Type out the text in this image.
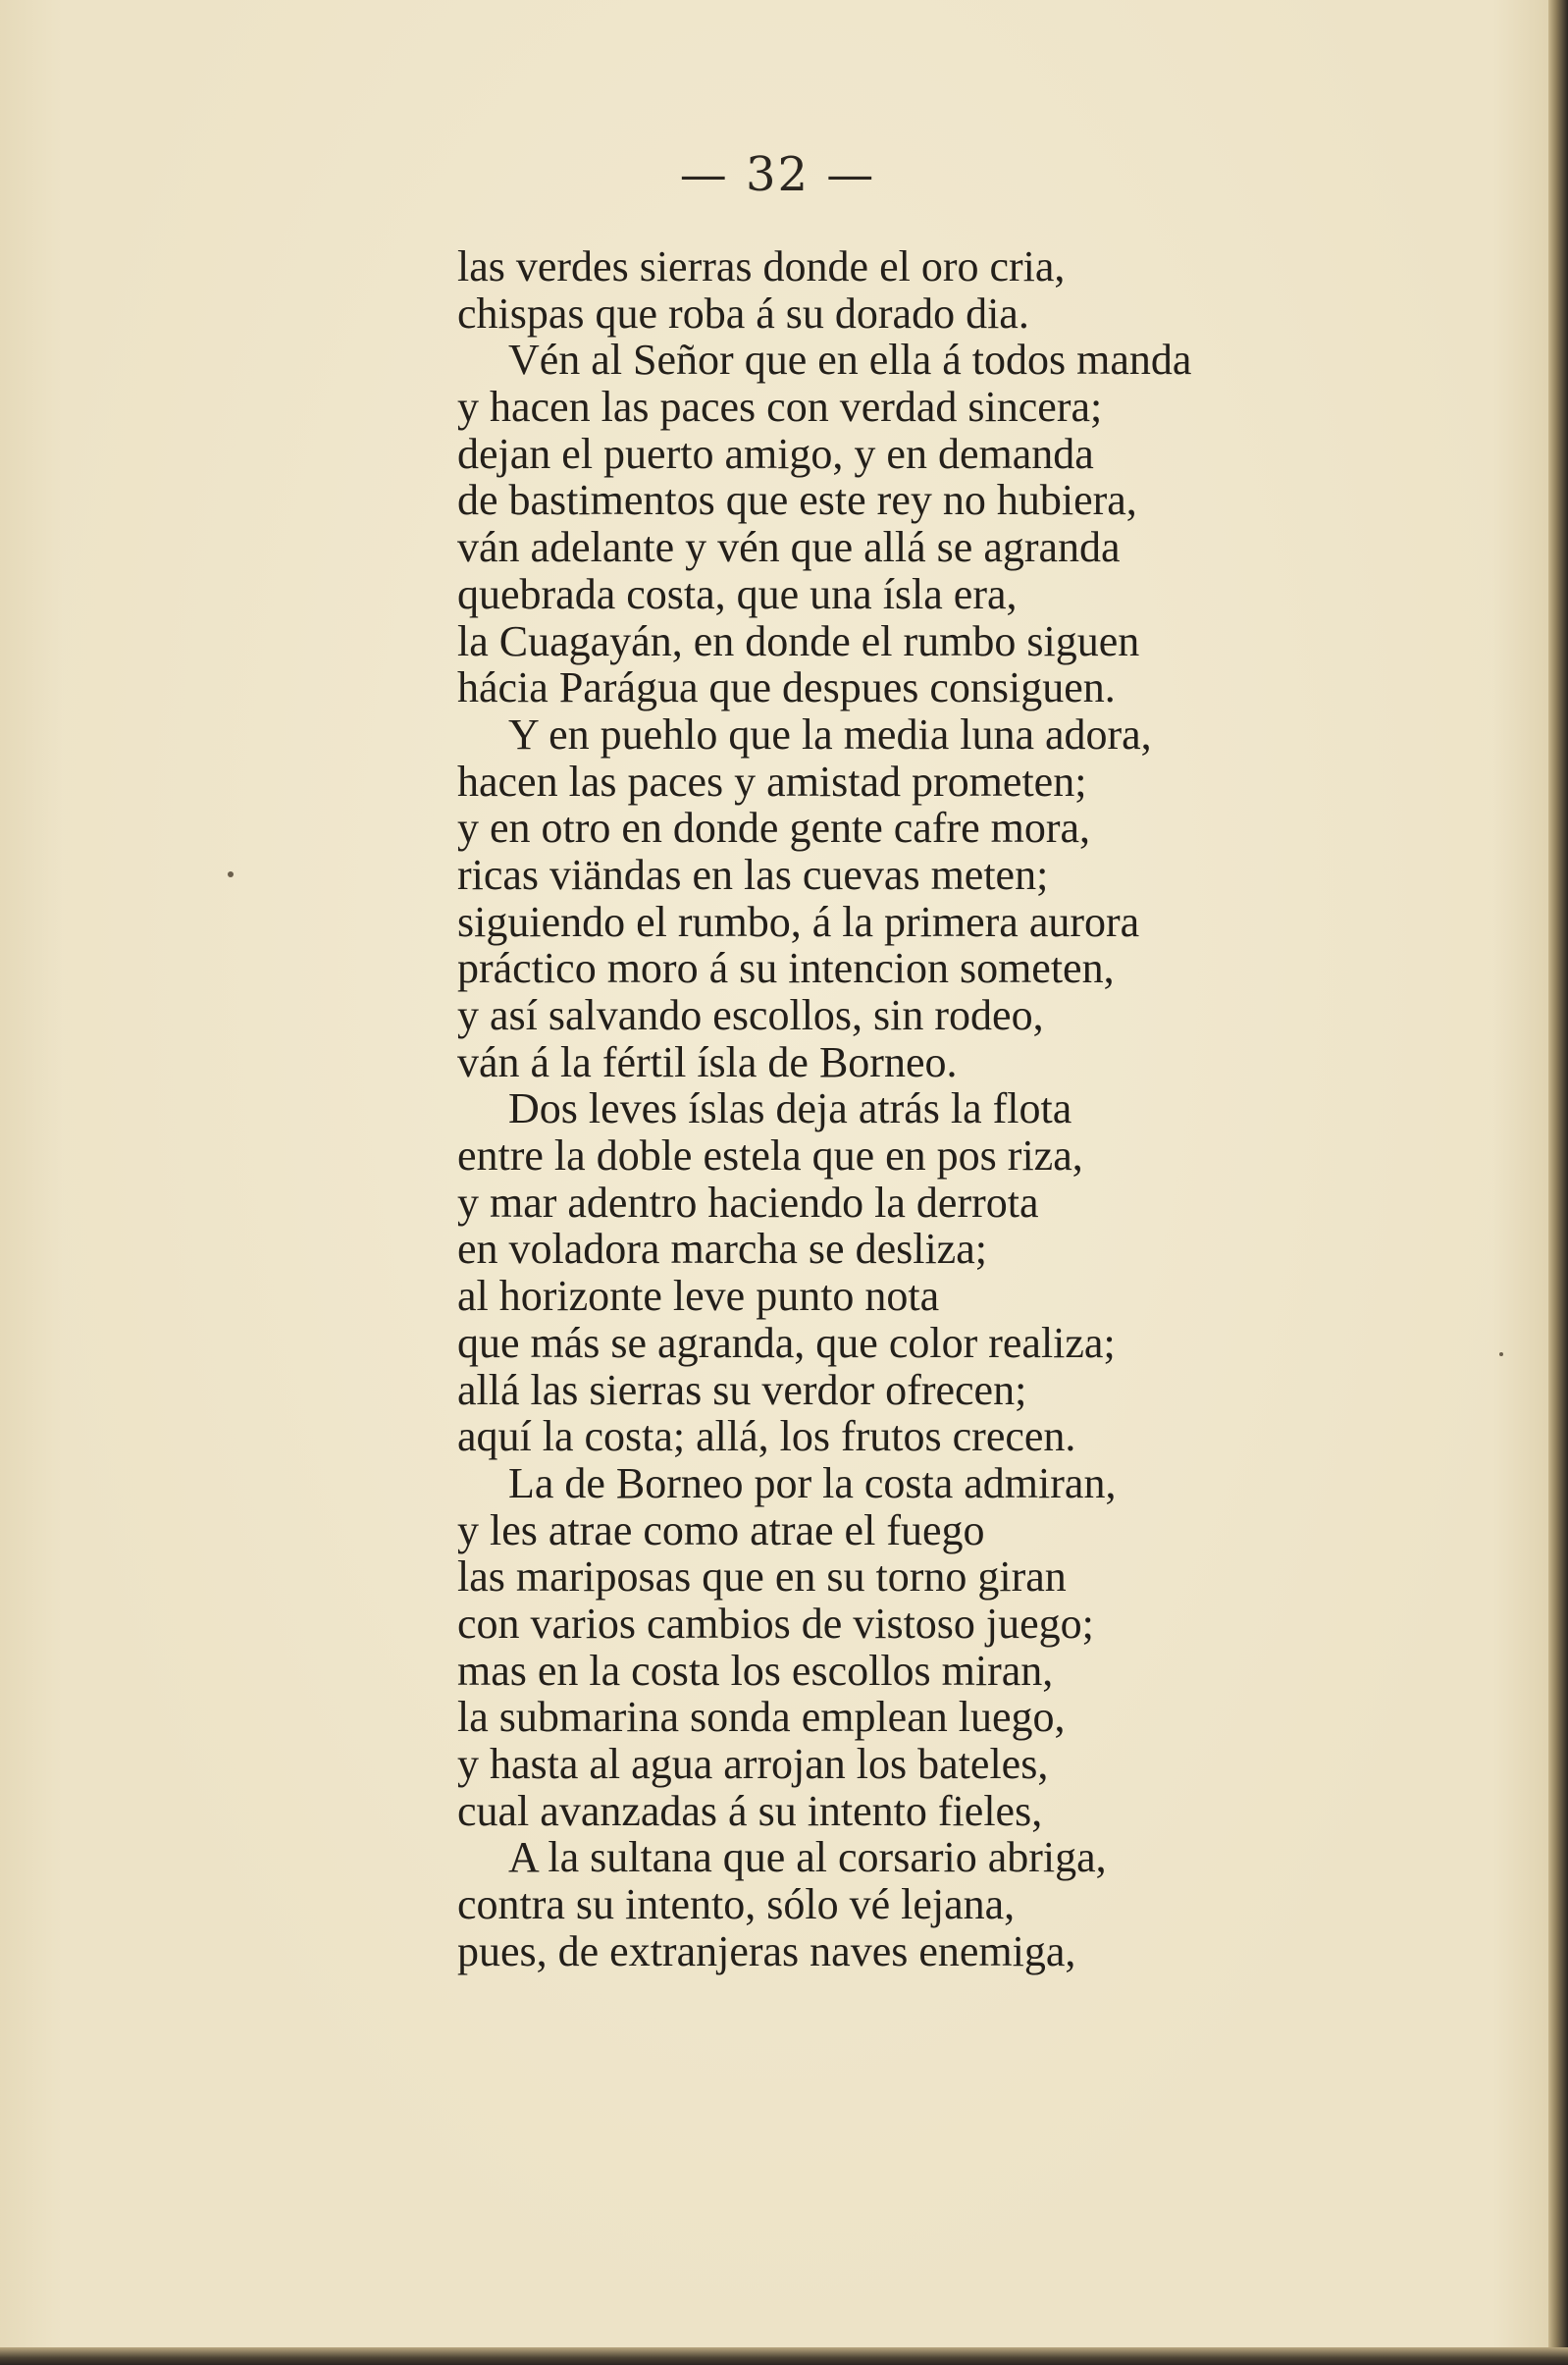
— 32 —
las verdes sierras donde el oro cria,
chispas que roba á su dorado dia.
Vén al Señor que en ella á todos manda
y hacen las paces con verdad sincera;
dejan el puerto amigo, y en demanda
de bastimentos que este rey no hubiera,
ván adelante y vén que allá se agranda
quebrada costa, que una ísla era,
la Cuagayán, en donde el rumbo siguen
hácia Parágua que despues consiguen.
Y en puehlo que la media luna adora,
hacen las paces y amistad prometen;
y en otro en donde gente cafre mora,
ricas viändas en las cuevas meten;
siguiendo el rumbo, á la primera aurora
práctico moro á su intencion someten,
y así salvando escollos, sin rodeo,
ván á la fértil ísla de Borneo.
Dos leves íslas deja atrás la flota
entre la doble estela que en pos riza,
y mar adentro haciendo la derrota
en voladora marcha se desliza;
al horizonte leve punto nota
que más se agranda, que color realiza;
allá las sierras su verdor ofrecen;
aquí la costa; allá, los frutos crecen.
La de Borneo por la costa admiran,
y les atrae como atrae el fuego
las mariposas que en su torno giran
con varios cambios de vistoso juego;
mas en la costa los escollos miran,
la submarina sonda emplean luego,
y hasta al agua arrojan los bateles,
cual avanzadas á su intento fieles,
A la sultana que al corsario abriga,
contra su intento, sólo vé lejana,
pues, de extranjeras naves enemiga,
